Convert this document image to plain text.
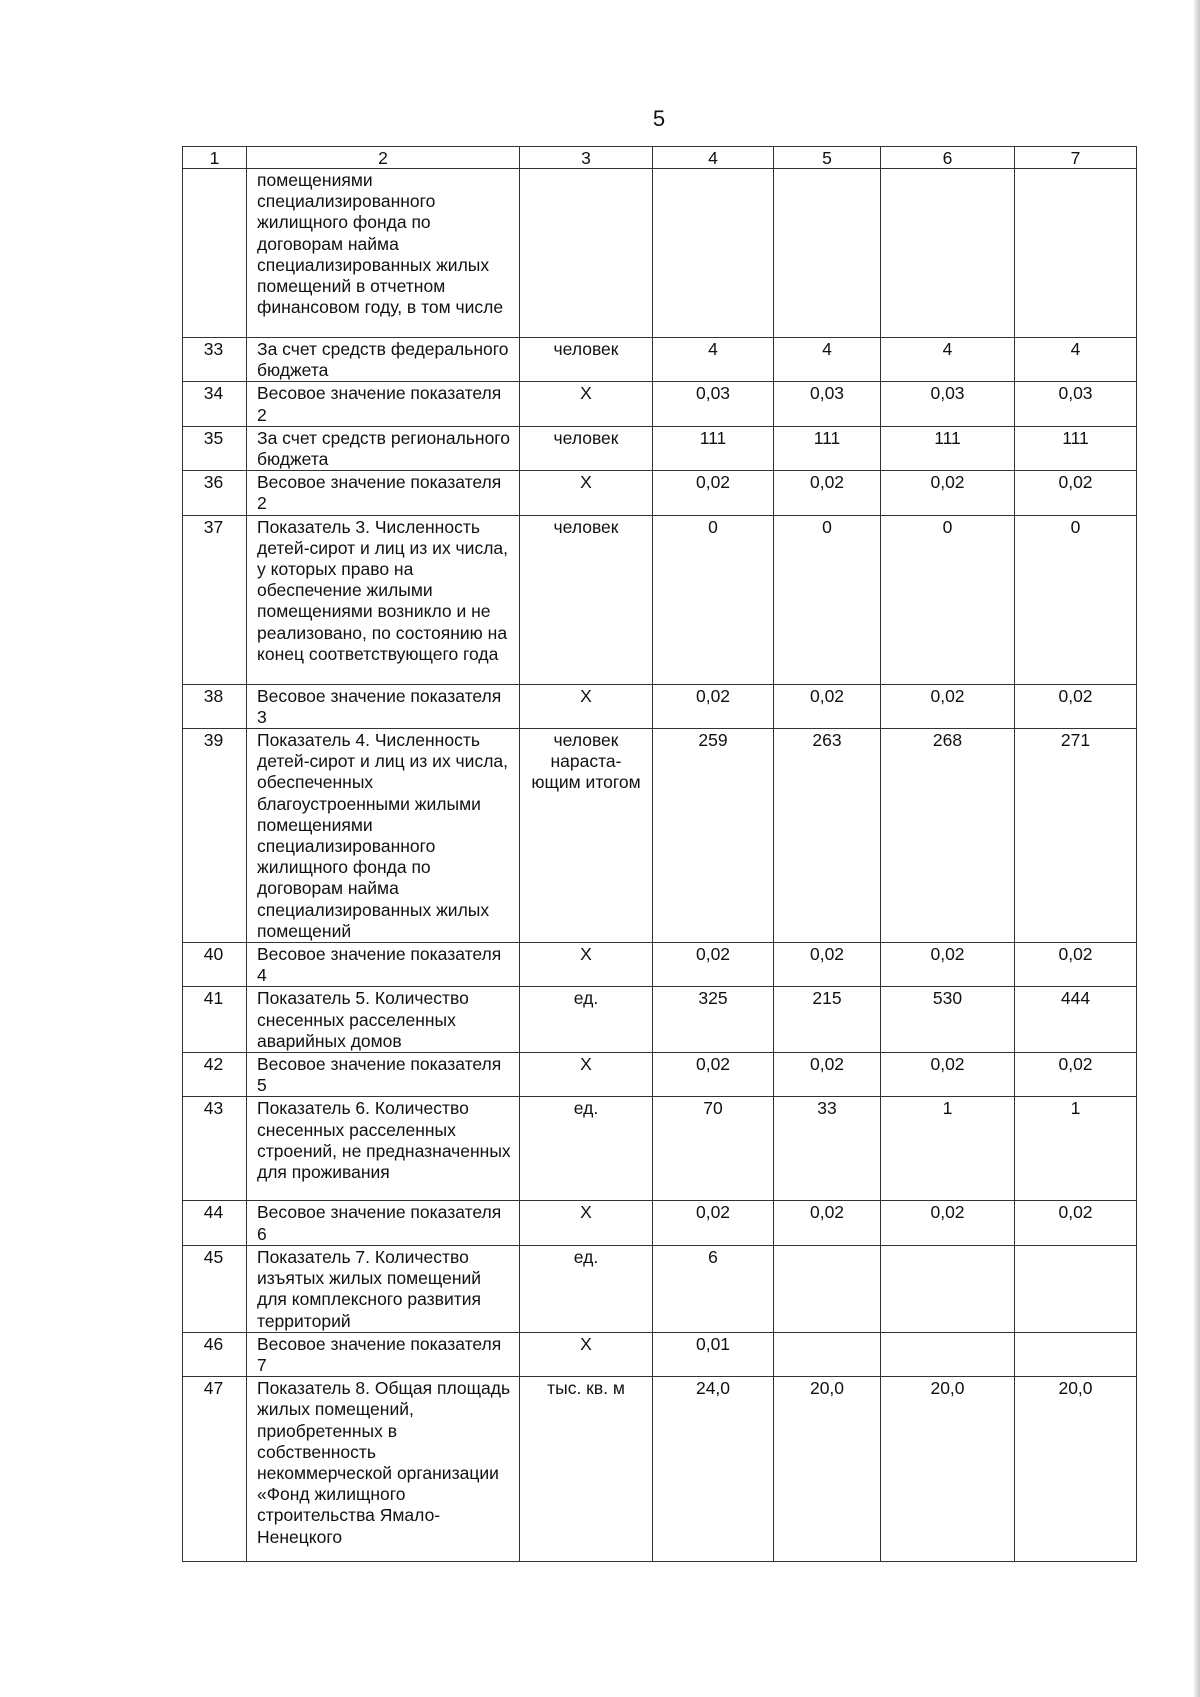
5
1	2	3	4	5	6	7
	помещениями специализированного жилищного фонда по договорам найма специализированных жилых помещений в отчетном финансовом году, в том числе					
33	За счет средств федерального бюджета	человек	4	4	4	4
34	Весовое значение показателя 2	X	0,03	0,03	0,03	0,03
35	За счет средств регионального бюджета	человек	111	111	111	111
36	Весовое значение показателя 2	X	0,02	0,02	0,02	0,02
37	Показатель 3. Численность детей-сирот и лиц из их числа, у которых право на обеспечение жилыми помещениями возникло и не реализовано, по состоянию на конец соответствующего года	человек	0	0	0	0
38	Весовое значение показателя 3	X	0,02	0,02	0,02	0,02
39	Показатель 4. Численность детей-сирот и лиц из их числа, обеспеченных благоустроенными жилыми помещениями специализированного жилищного фонда по договорам найма специализированных жилых помещений	человек нараста-ющим итогом	259	263	268	271
40	Весовое значение показателя 4	X	0,02	0,02	0,02	0,02
41	Показатель 5. Количество снесенных расселенных аварийных домов	ед.	325	215	530	444
42	Весовое значение показателя 5	X	0,02	0,02	0,02	0,02
43	Показатель 6. Количество снесенных расселенных строений, не предназначенных для проживания	ед.	70	33	1	1
44	Весовое значение показателя 6	X	0,02	0,02	0,02	0,02
45	Показатель 7. Количество изъятых жилых помещений для комплексного развития территорий	ед.	6			
46	Весовое значение показателя 7	X	0,01			
47	Показатель 8. Общая площадь жилых помещений, приобретенных в собственность некоммерческой организации «Фонд жилищного строительства Ямало-Ненецкого	тыс. кв. м	24,0	20,0	20,0	20,0
